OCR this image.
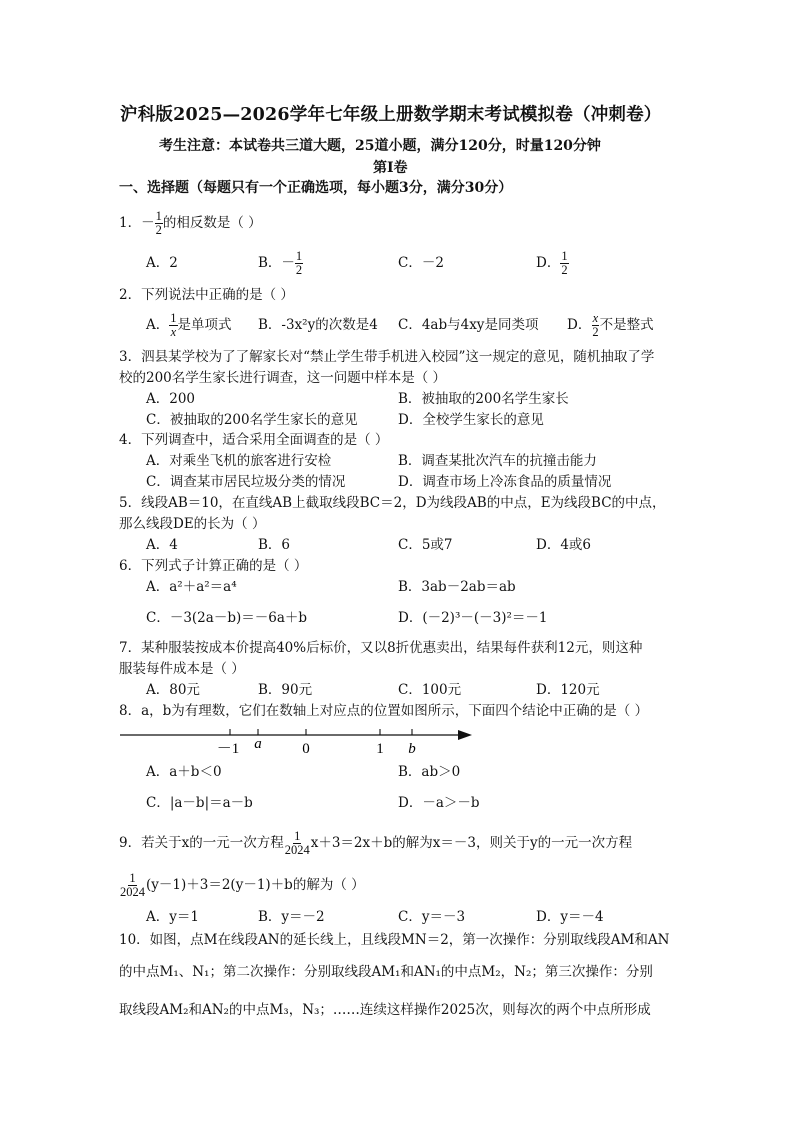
沪科版2025—2026学年七年级上册数学期末考试模拟卷（冲刺卷）
考生注意：本试卷共三道大题，25道小题，满分120分，时量120分钟
第Ⅰ卷
一、选择题（每题只有一个正确选项，每小题3分，满分30分）
1．－ $\frac{1}{2}$ 的相反数是（ ）
A．2	B．－ $\frac{1}{2}$	C．－2	D． $\frac{1}{2}$
2．下列说法中正确的是（ ）
A． $\frac{1}{x}$ 是单项式 B．-3x²y的次数是4 C．4ab与4xy是同类项 D． $\frac{x}{2}$ 不是整式
3．泗县某学校为了了解家长对“禁止学生带手机进入校园”这一规定的意见，随机抽取了学
校的200名学生家长进行调查，这一问题中样本是（ ）
A．200	B．被抽取的200名学生家长
C．被抽取的200名学生家长的意见	D．全校学生家长的意见
4．下列调查中，适合采用全面调查的是（ ）
A．对乘坐飞机的旅客进行安检	B．调查某批次汽车的抗撞击能力
C．调查某市居民垃圾分类的情况	D．调查市场上冷冻食品的质量情况
5．线段AB＝10，在直线AB上截取线段BC＝2，D为线段AB的中点，E为线段BC的中点，
那么线段DE的长为（ ）
A．4	B．6	C．5或7	D．4或6
6．下列式子计算正确的是（ ）
A．a²＋a²＝a⁴	B．3ab－2ab＝ab
C．－3(2a－b)＝－6a＋b	D．(－2)³－(－3)²＝－1
7．某种服装按成本价提高40%后标价，又以8折优惠卖出，结果每件获利12元，则这种
服装每件成本是（ ）
A．80元	B．90元	C．100元	D．120元
8．a，b为有理数，它们在数轴上对应点的位置如图所示，下面四个结论中正确的是（ ）
－1 a	0	1 b
A．a＋b＜0	B．ab＞0
C．|a－b|＝a－b	D．－a＞－b
9．若关于x的一元一次方程 $\frac{1}{2024} x+3=2x+b$的解为x＝－3，则关于y的一元一次方程
$\frac{1}{2024} (y-1)+3=2(y-1)+b$的解为（ ）
A．y＝1	B．y＝－2	C．y＝－3	D．y＝－4
10．如图，点M在线段AN的延长线上，且线段MN＝2，第一次操作：分别取线段AM和AN
的中点M₁、N₁；第二次操作：分别取线段AM₁和AN₁的中点M₂，N₂；第三次操作：分别
取线段AM₂和AN₂的中点M₃，N₃；……连续这样操作2025次，则每次的两个中点所形成
